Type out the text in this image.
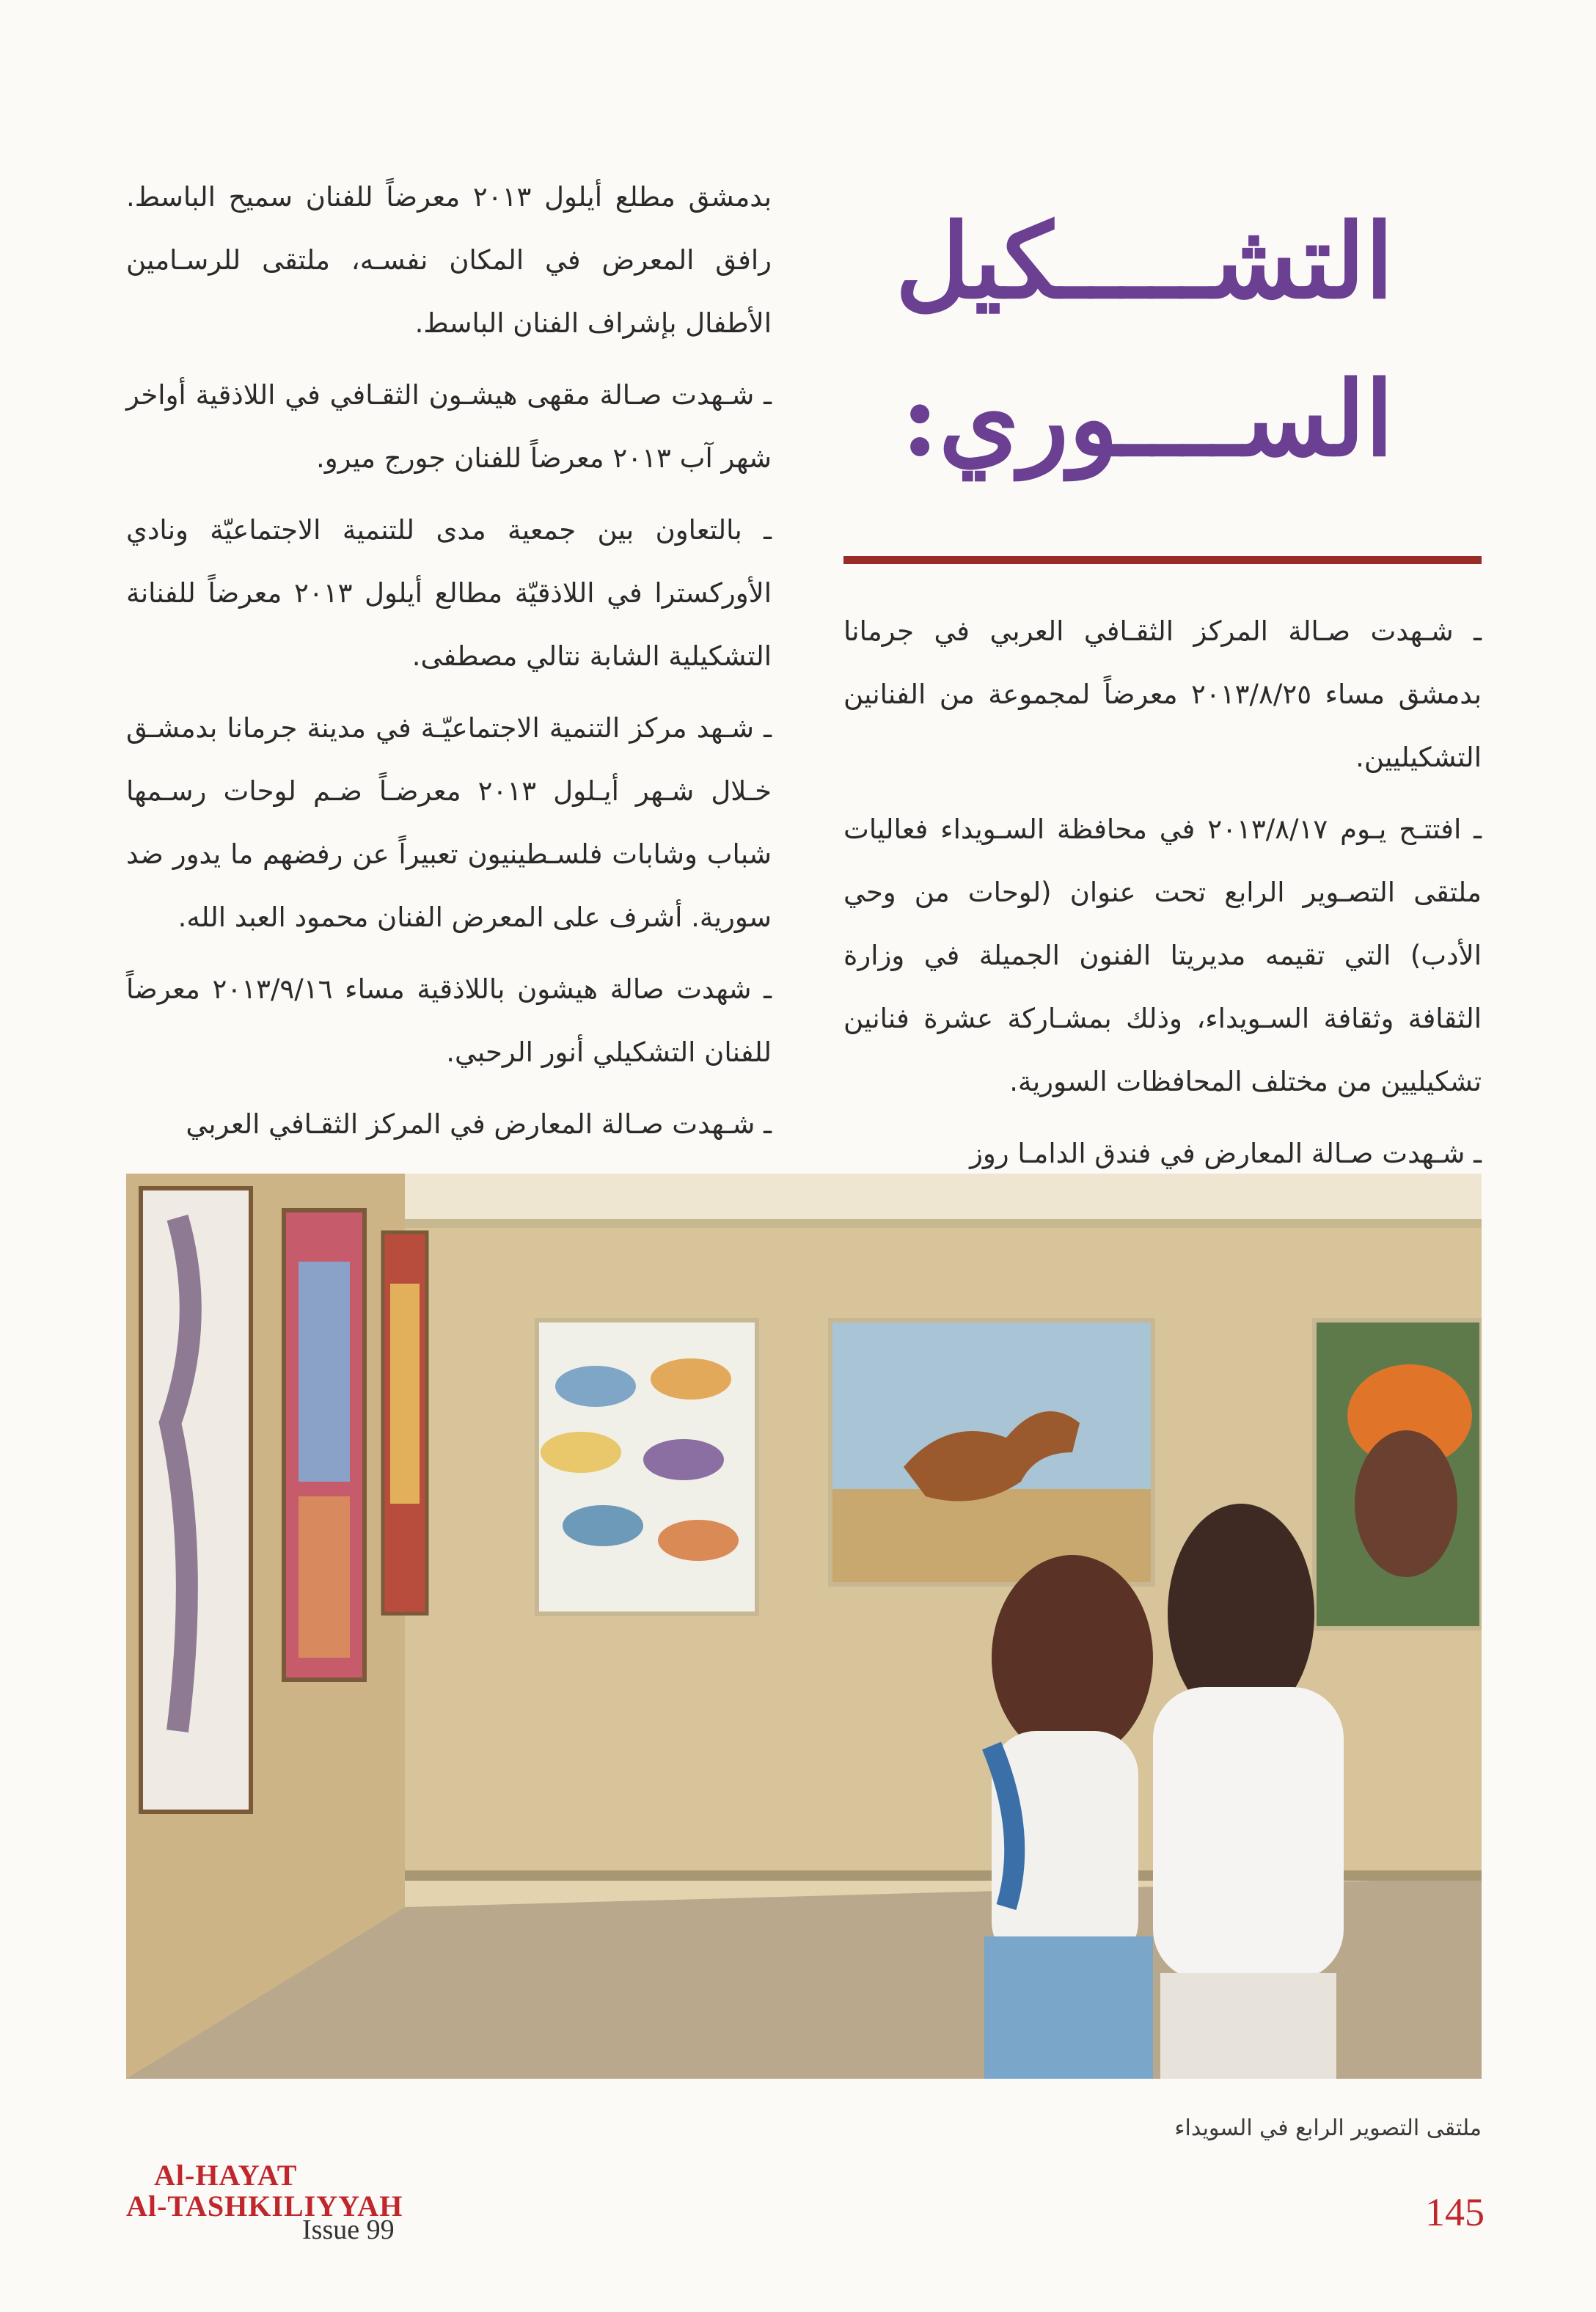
التشـــــكيل
الســــوري:

بدمشق مطلع أيلول ٢٠١٣ معرضاً للفنان سميح الباسط. رافق المعرض في المكان نفسـه، ملتقى للرسـامين الأطفال بإشراف الفنان الباسط.

ـ شـهدت صـالة مقهى هيشـون الثقـافي في اللاذقية أواخر شهر آب ٢٠١٣ معرضاً للفنان جورج ميرو.

ـ بالتعاون بين جمعية مدى للتنمية الاجتماعيّة ونادي الأوركسترا في اللاذقيّة مطالع أيلول ٢٠١٣ معرضاً للفنانة التشكيلية الشابة نتالي مصطفى.

ـ شـهد مركز التنمية الاجتماعيّـة في مدينة جرمانا بدمشـق خـلال شـهر أيـلول ٢٠١٣ معرضـاً ضـم لوحات رسـمها شباب وشابات فلسـطينيون تعبيراً عن رفضهم ما يدور ضد سورية. أشرف على المعرض الفنان محمود العبد الله.

ـ شهدت صالة هيشون باللاذقية مساء ٢٠١٣/٩/١٦ معرضاً للفنان التشكيلي أنور الرحبي.

ـ شـهدت صـالة المعارض في المركز الثقـافي العربي

ـ شـهدت صـالة المركز الثقـافي العربي في جرمانا بدمشق مساء ٢٠١٣/٨/٢٥ معرضاً لمجموعة من الفنانين التشكيليين.

ـ افتتـح يـوم ٢٠١٣/٨/١٧ في محافظة السـويداء فعاليات ملتقى التصـوير الرابع تحت عنوان (لوحات من وحي الأدب) التي تقيمه مديريتا الفنون الجميلة في وزارة الثقافة وثقافة السـويداء، وذلك بمشـاركة عشرة فنانين تشكيليين من مختلف المحافظات السورية.

ـ شـهدت صـالة المعارض في فندق الدامـا روز

ملتقى التصوير الرابع في السويداء
Al-HAYAT
Al-TASHKILIYYAH
Issue 99	145
